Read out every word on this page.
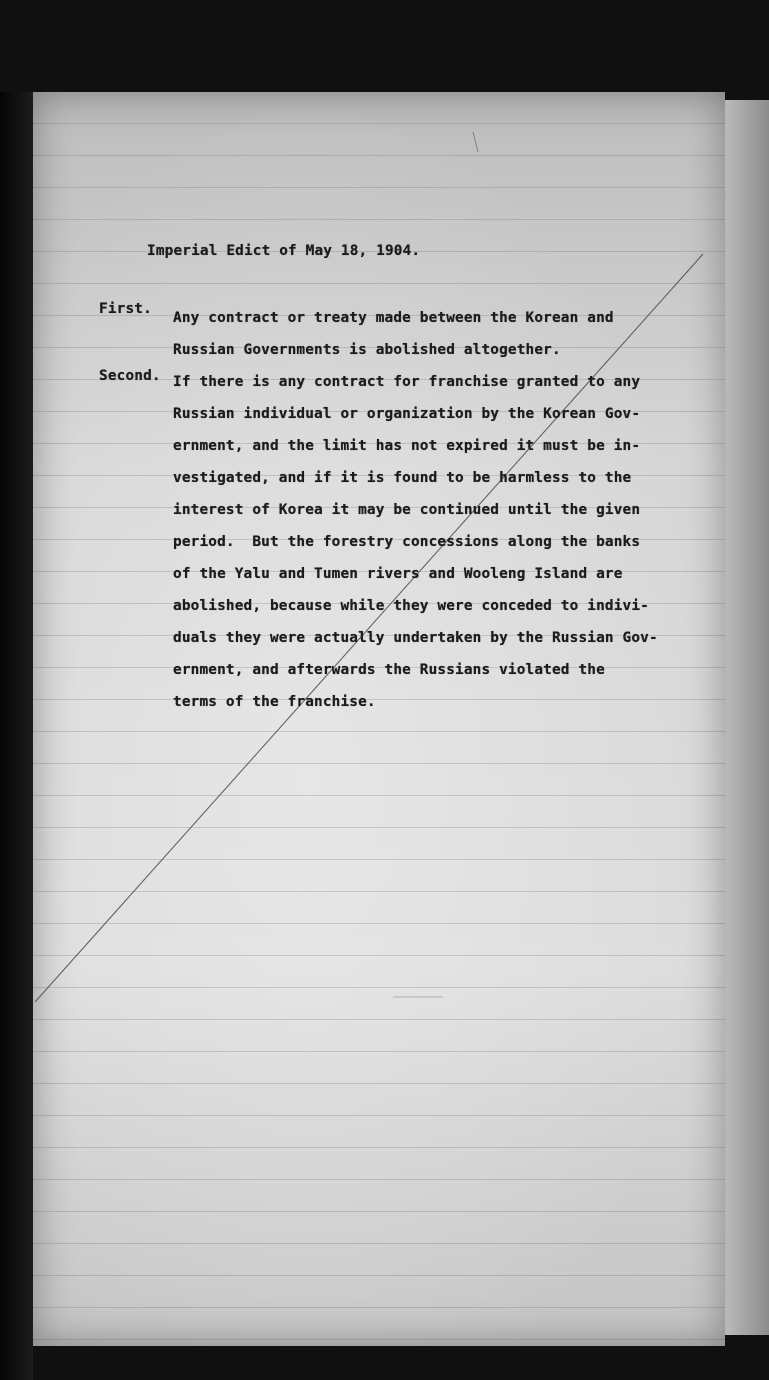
Imperial Edict of May 18, 1904.
First.
Any contract or treaty made between the Korean and
Russian Governments is abolished altogether.
Second. If there is any contract for franchise granted to any
Russian individual or organization by the Korean Gov-
ernment, and the limit has not expired it must be in-
vestigated, and if it is found to be harmless to the
interest of Korea it may be continued until the given
period.  But the forestry concessions along the banks
of the Yalu and Tumen rivers and Wooleng Island are
abolished, because while they were conceded to indivi-
duals they were actually undertaken by the Russian Gov-
ernment, and afterwards the Russians violated the
terms of the franchise.
